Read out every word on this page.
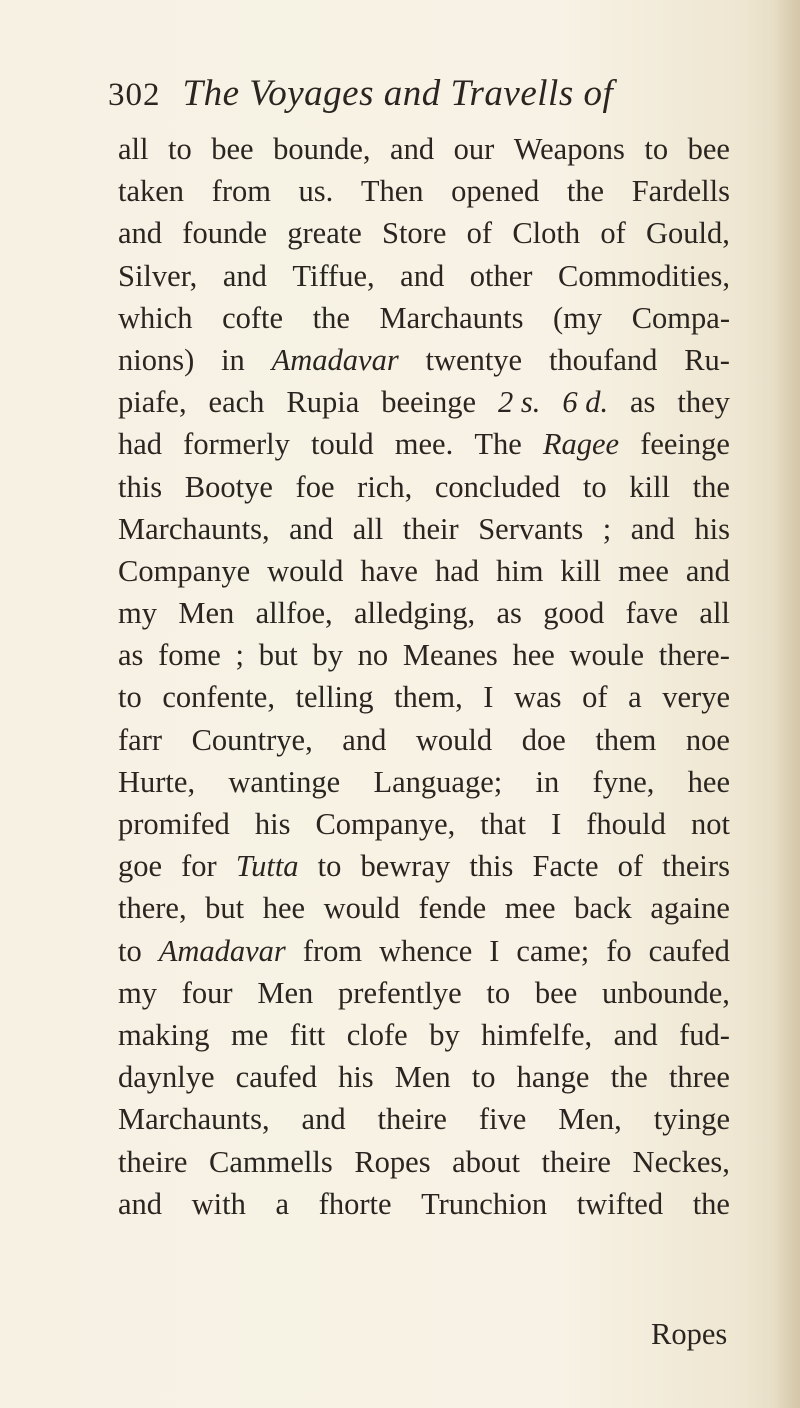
302 The Voyages and Travells of
all to bee bounde, and our Weapons to bee
taken from us. Then opened the Fardells
and founde greate Store of Cloth of Gould,
Silver, and Tiffue, and other Commodities,
which cofte the Marchaunts (my Compa-
nions) in Amadavar twentye thoufand Ru-
piafe, each Rupia beeinge 2 s. 6 d. as they
had formerly tould mee. The Ragee feeinge
this Bootye foe rich, concluded to kill the
Marchaunts, and all their Servants ; and his
Companye would have had him kill mee and
my Men allfoe, alledging, as good fave all
as fome ; but by no Meanes hee woule there-
to confente, telling them, I was of a verye
farr Countrye, and would doe them noe
Hurte, wantinge Language; in fyne, hee
promifed his Companye, that I fhould not
goe for Tutta to bewray this Facte of theirs
there, but hee would fende mee back againe
to Amadavar from whence I came; fo caufed
my four Men prefentlye to bee unbounde,
making me fitt clofe by himfelfe, and fud-
daynlye caufed his Men to hange the three
Marchaunts, and theire five Men, tyinge
theire Cammells Ropes about theire Neckes,
and with a fhorte Trunchion twifted the
Ropes
